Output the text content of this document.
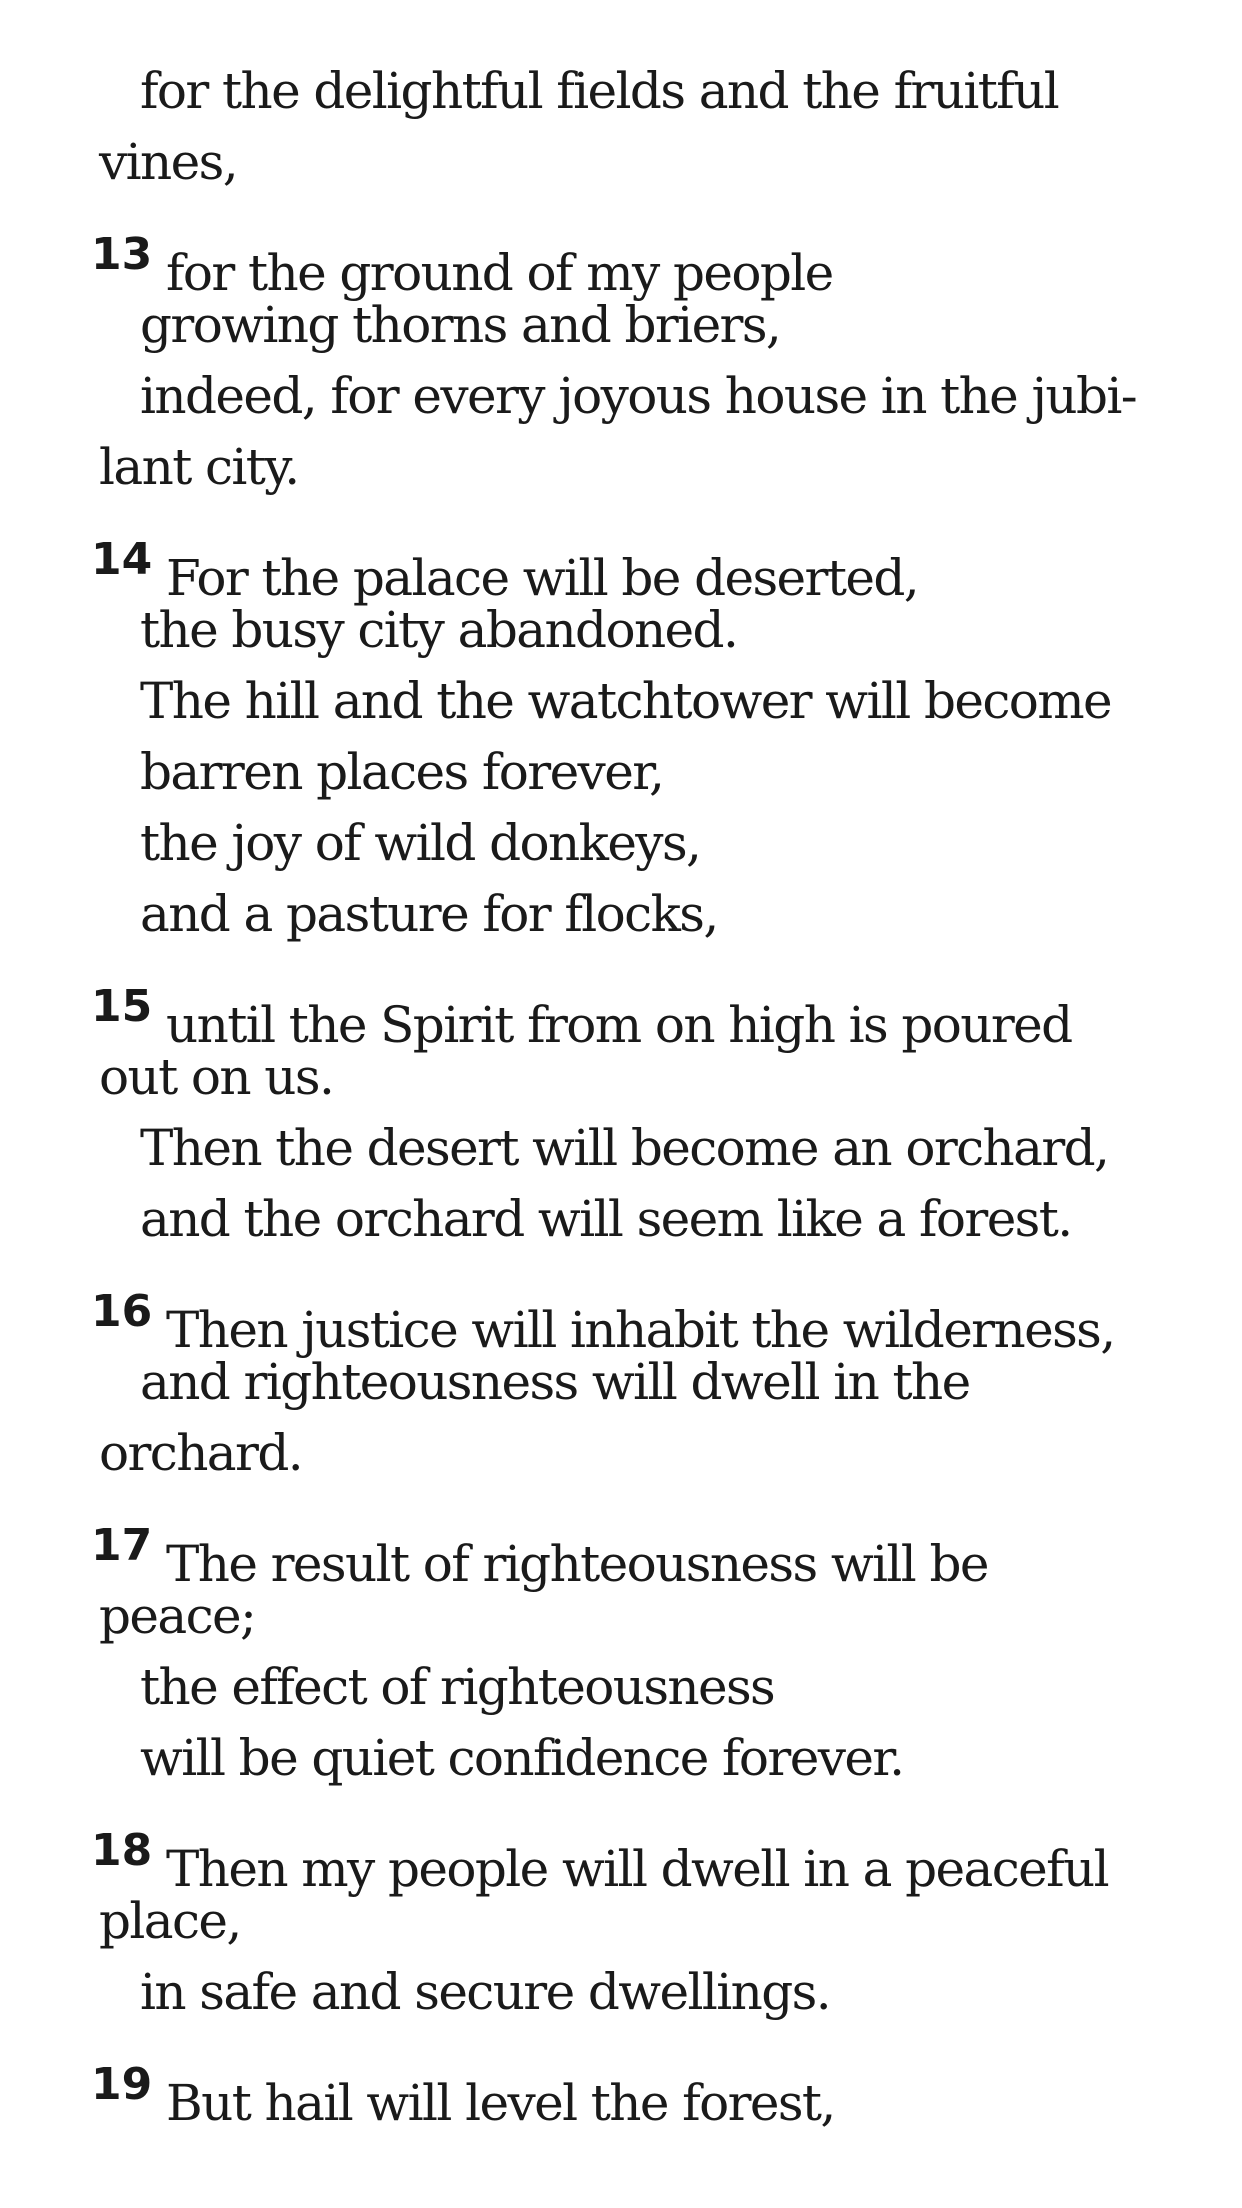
for the delightful fields and the fruitful
vines,
13 for the ground of my people
growing thorns and briers,
indeed, for every joyous house in the jubi-
lant city.
14 For the palace will be deserted,
the busy city abandoned.
The hill and the watchtower will become
barren places forever,
the joy of wild donkeys,
and a pasture for flocks,
15 until the Spirit from on high is poured
out on us.
Then the desert will become an orchard,
and the orchard will seem like a forest.
16 Then justice will inhabit the wilderness,
and righteousness will dwell in the
orchard.
17 The result of righteousness will be
peace;
the effect of righteousness
will be quiet confidence forever.
18 Then my people will dwell in a peaceful
place,
in safe and secure dwellings.
19 But hail will level the forest,
